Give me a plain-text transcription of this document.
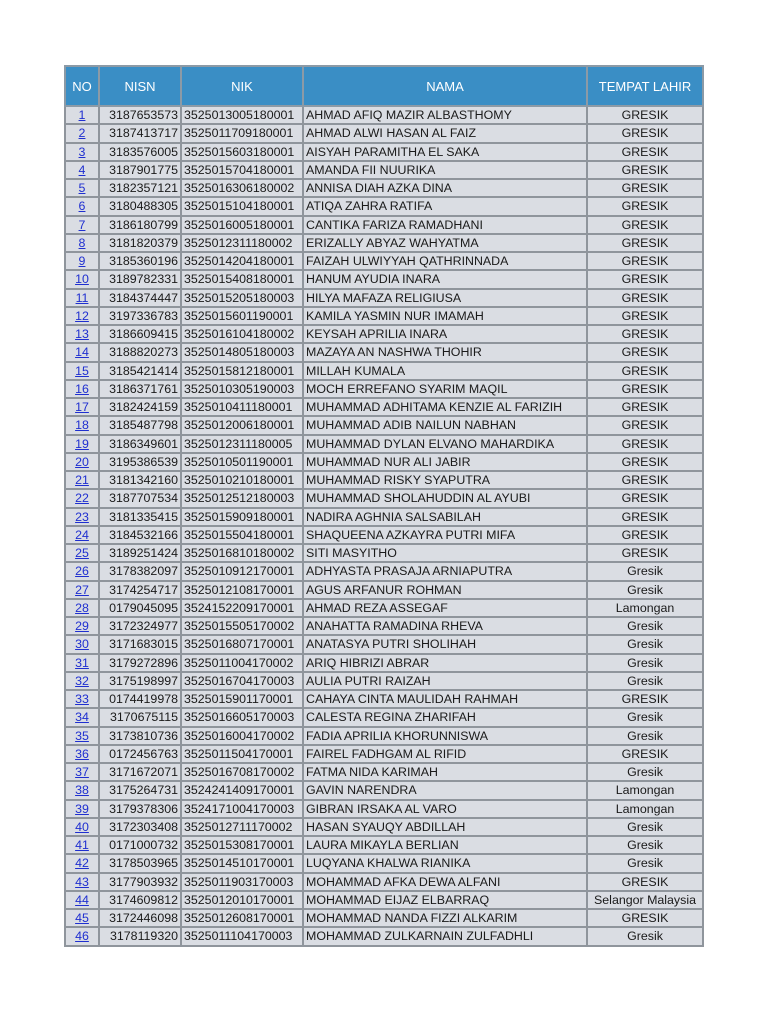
NO	NISN	NIK	NAMA	TEMPAT LAHIR
1	3187653573	3525013005180001	AHMAD AFIQ MAZIR ALBASTHOMY	GRESIK
2	3187413717	3525011709180001	AHMAD ALWI HASAN AL FAIZ	GRESIK
3	3183576005	3525015603180001	AISYAH PARAMITHA EL SAKA	GRESIK
4	3187901775	3525015704180001	AMANDA FII NUURIKA	GRESIK
5	3182357121	3525016306180002	ANNISA DIAH AZKA DINA	GRESIK
6	3180488305	3525015104180001	ATIQA ZAHRA RATIFA	GRESIK
7	3186180799	3525016005180001	CANTIKA FARIZA RAMADHANI	GRESIK
8	3181820379	3525012311180002	ERIZALLY ABYAZ WAHYATMA	GRESIK
9	3185360196	3525014204180001	FAIZAH ULWIYYAH QATHRINNADA	GRESIK
10	3189782331	3525015408180001	HANUM AYUDIA INARA	GRESIK
11	3184374447	3525015205180003	HILYA MAFAZA RELIGIUSA	GRESIK
12	3197336783	3525015601190001	KAMILA YASMIN NUR IMAMAH	GRESIK
13	3186609415	3525016104180002	KEYSAH APRILIA INARA	GRESIK
14	3188820273	3525014805180003	MAZAYA AN NASHWA THOHIR	GRESIK
15	3185421414	3525015812180001	MILLAH KUMALA	GRESIK
16	3186371761	3525010305190003	MOCH ERREFANO SYARIM MAQIL	GRESIK
17	3182424159	3525010411180001	MUHAMMAD ADHITAMA KENZIE AL FARIZIH	GRESIK
18	3185487798	3525012006180001	MUHAMMAD ADIB NAILUN NABHAN	GRESIK
19	3186349601	3525012311180005	MUHAMMAD DYLAN ELVANO MAHARDIKA	GRESIK
20	3195386539	3525010501190001	MUHAMMAD NUR ALI JABIR	GRESIK
21	3181342160	3525010210180001	MUHAMMAD RISKY SYAPUTRA	GRESIK
22	3187707534	3525012512180003	MUHAMMAD SHOLAHUDDIN AL AYUBI	GRESIK
23	3181335415	3525015909180001	NADIRA AGHNIA SALSABILAH	GRESIK
24	3184532166	3525015504180001	SHAQUEENA AZKAYRA PUTRI MIFA	GRESIK
25	3189251424	3525016810180002	SITI MASYITHO	GRESIK
26	3178382097	3525010912170001	ADHYASTA PRASAJA ARNIAPUTRA	Gresik
27	3174254717	3525012108170001	AGUS ARFANUR ROHMAN	Gresik
28	0179045095	3524152209170001	AHMAD REZA ASSEGAF	Lamongan
29	3172324977	3525015505170002	ANAHATTA RAMADINA RHEVA	Gresik
30	3171683015	3525016807170001	ANATASYA PUTRI SHOLIHAH	Gresik
31	3179272896	3525011004170002	ARIQ HIBRIZI ABRAR	Gresik
32	3175198997	3525016704170003	AULIA PUTRI RAIZAH	Gresik
33	0174419978	3525015901170001	CAHAYA CINTA MAULIDAH RAHMAH	GRESIK
34	3170675115	3525016605170003	CALESTA REGINA ZHARIFAH	Gresik
35	3173810736	3525016004170002	FADIA APRILIA KHORUNNISWA	Gresik
36	0172456763	3525011504170001	FAIREL FADHGAM AL RIFID	GRESIK
37	3171672071	3525016708170002	FATMA NIDA KARIMAH	Gresik
38	3175264731	3524241409170001	GAVIN NARENDRA	Lamongan
39	3179378306	3524171004170003	GIBRAN IRSAKA AL VARO	Lamongan
40	3172303408	3525012711170002	HASAN SYAUQY ABDILLAH	Gresik
41	0171000732	3525015308170001	LAURA MIKAYLA BERLIAN	Gresik
42	3178503965	3525014510170001	LUQYANA KHALWA RIANIKA	Gresik
43	3177903932	3525011903170003	MOHAMMAD AFKA DEWA ALFANI	GRESIK
44	3174609812	3525012010170001	MOHAMMAD EIJAZ ELBARRAQ	Selangor Malaysia
45	3172446098	3525012608170001	MOHAMMAD NANDA FIZZI ALKARIM	GRESIK
46	3178119320	3525011104170003	MOHAMMAD ZULKARNAIN ZULFADHLI	Gresik
